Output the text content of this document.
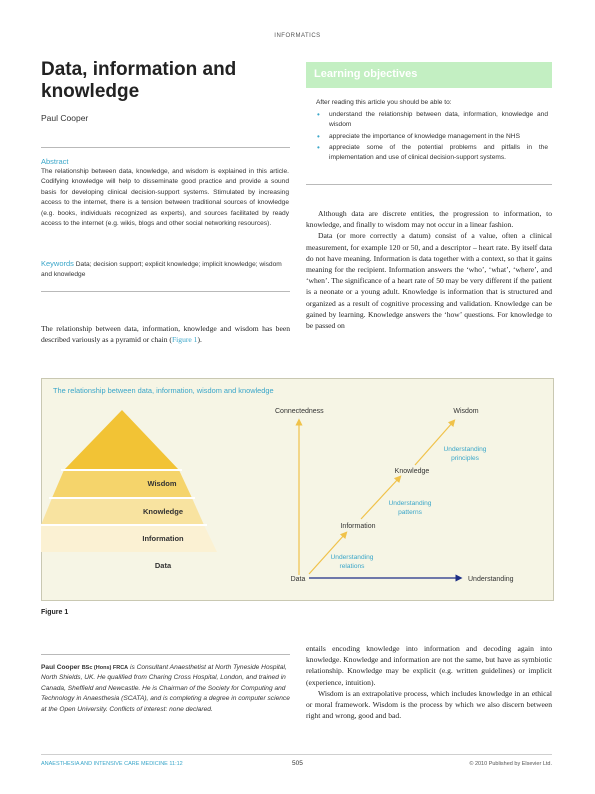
INFORMATICS
Data, information and
knowledge
Paul Cooper
Abstract
The relationship between data, knowledge, and wisdom is explained in this article. Codifying knowledge will help to disseminate good practice and provide a sound basis for developing clinical decision-support systems. Stimulated by increasing access to the internet, there is a tension between traditional sources of knowledge (e.g. books, individuals recognized as experts), and sources facilitated by ready access to the internet (e.g. wikis, blogs and other social networking resources).
Keywords Data; decision support; explicit knowledge; implicit knowledge; wisdom and knowledge
The relationship between data, information, knowledge and wisdom has been described variously as a pyramid or chain (Figure 1).
Learning objectives
After reading this article you should be able to:
• understand the relationship between data, information, knowledge and wisdom
• appreciate the importance of knowledge management in the NHS
• appreciate some of the potential problems and pitfalls in the implementation and use of clinical decision-support systems.

Although data are discrete entities, the progression to information, to knowledge, and finally to wisdom may not occur in a linear fashion.

Data (or more correctly a datum) consist of a value, often a clinical measurement, for example 120 or 50, and a descriptor – heart rate. By itself data do not have meaning. Information is data together with a context, so that it gains meaning for the recipient. Information answers the ‘who’, ‘what’, ‘where’, and ‘when’. The significance of a heart rate of 50 may be very different if the patient is a neonate or a young adult. Knowledge is information that is structured and organized as a result of cognitive processing and validation. Knowledge can be gained by learning. Knowledge answers the ‘how’ questions. For knowledge to be passed on

The relationship between data, information, wisdom and knowledge
Wisdom
Knowledge
Information
Data
Connectedness
Understanding
Data
Information
Knowledge
Wisdom
Understanding
relations
Understanding
patterns
Understanding
principles
Figure 1
Paul Cooper BSc (Hons) FRCA is Consultant Anaesthetist at North Tyneside Hospital, North Shields, UK. He qualified from Charing Cross Hospital, London, and trained in Canada, Sheffield and Newcastle. He is Chairman of the Society for Computing and Technology in Anaesthesia (SCATA), and is completing a degree in computer science at the Open University. Conflicts of interest: none declared.

entails encoding knowledge into information and decoding again into knowledge. Knowledge and information are not the same, but have as symbiotic relationship. Knowledge may be explicit (e.g. written guidelines) or implicit (experience, intuition).

Wisdom is an extrapolative process, which includes knowledge in an ethical or moral framework. Wisdom is the process by which we also discern between right and wrong, good and bad.

ANAESTHESIA AND INTENSIVE CARE MEDICINE 11:12	505	© 2010 Published by Elsevier Ltd.
